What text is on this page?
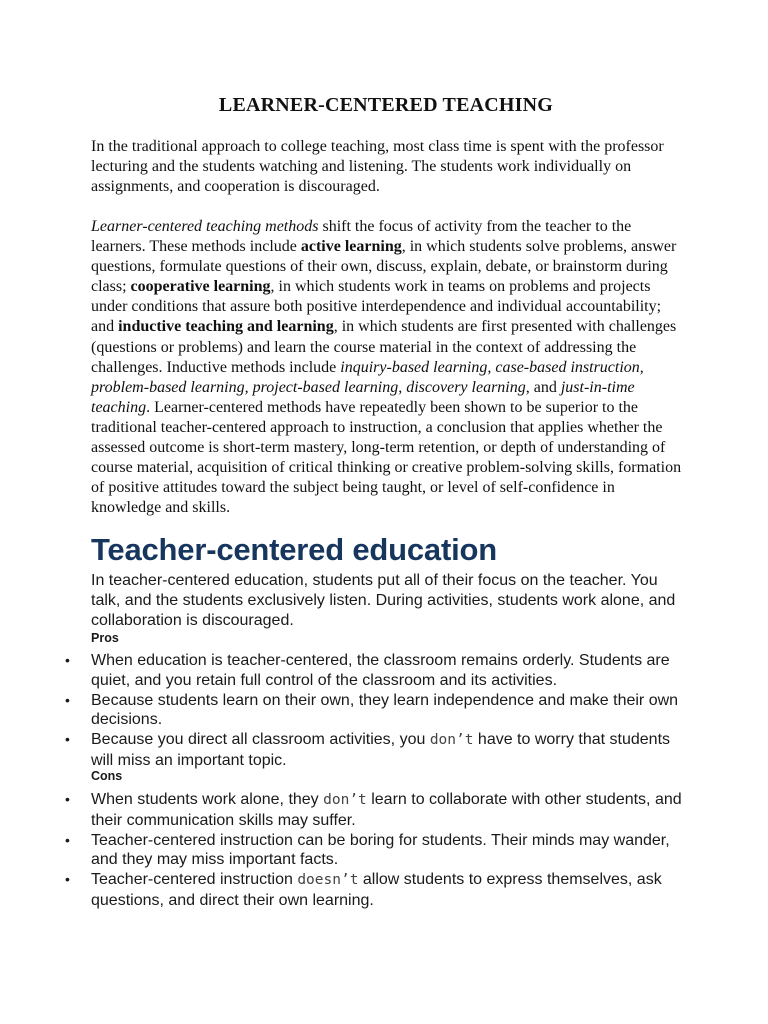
LEARNER-CENTERED TEACHING

In the traditional approach to college teaching, most class time is spent with the professor lecturing and the students watching and listening. The students work individually on assignments, and cooperation is discouraged.

Learner-centered teaching methods shift the focus of activity from the teacher to the learners. These methods include active learning, in which students solve problems, answer questions, formulate questions of their own, discuss, explain, debate, or brainstorm during class; cooperative learning, in which students work in teams on problems and projects under conditions that assure both positive interdependence and individual accountability; and inductive teaching and learning, in which students are first presented with challenges (questions or problems) and learn the course material in the context of addressing the challenges. Inductive methods include inquiry-based learning, case-based instruction, problem-based learning, project-based learning, discovery learning, and just-in-time teaching. Learner-centered methods have repeatedly been shown to be superior to the traditional teacher-centered approach to instruction, a conclusion that applies whether the assessed outcome is short-term mastery, long-term retention, or depth of understanding of course material, acquisition of critical thinking or creative problem-solving skills, formation of positive attitudes toward the subject being taught, or level of self-confidence in knowledge and skills.

Teacher-centered education

In teacher-centered education, students put all of their focus on the teacher. You talk, and the students exclusively listen. During activities, students work alone, and collaboration is discouraged.

Pros

• When education is teacher-centered, the classroom remains orderly. Students are quiet, and you retain full control of the classroom and its activities.
• Because students learn on their own, they learn independence and make their own decisions.
• Because you direct all classroom activities, you don’t have to worry that students will miss an important topic.

Cons

• When students work alone, they don’t learn to collaborate with other students, and their communication skills may suffer.
• Teacher-centered instruction can be boring for students. Their minds may wander, and they may miss important facts.
• Teacher-centered instruction doesn’t allow students to express themselves, ask questions, and direct their own learning.
